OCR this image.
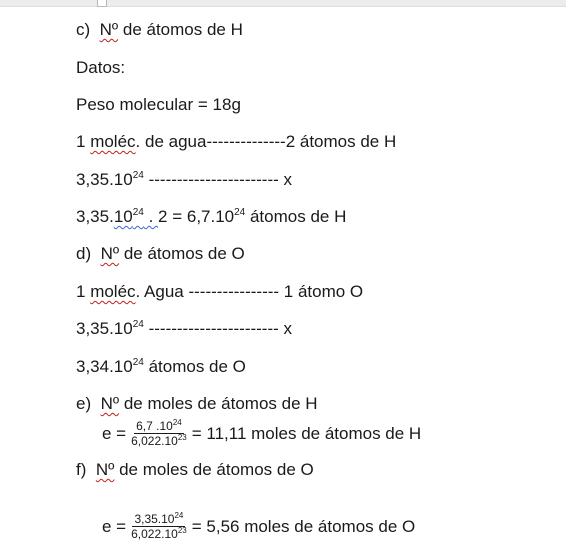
c) Nº de átomos de H
Datos:
Peso molecular = 18g
1 moléc. de agua--------------2 átomos de H
3,35.10$^{24}$ ----------------------- x
3,35.10$^{24}$ . $2 = 6,7.10^{24}$ átomos de H
d) Nº de átomos de O
1 moléc. Agua ---------------- 1 átomo O
3,35.10$^{24}$ ----------------------- x
3,34.10$^{24}$ átomos de O
e) Nº de moles de átomos de H
$e = \frac{6,7 .10^{24}}{6,022.10^{23}} = 11,11$ moles de átomos de H
f) Nº de moles de átomos de O
$e = \frac{3,35.10^{24}}{6,022.10^{23}} = 5,56$ moles de átomos de O
